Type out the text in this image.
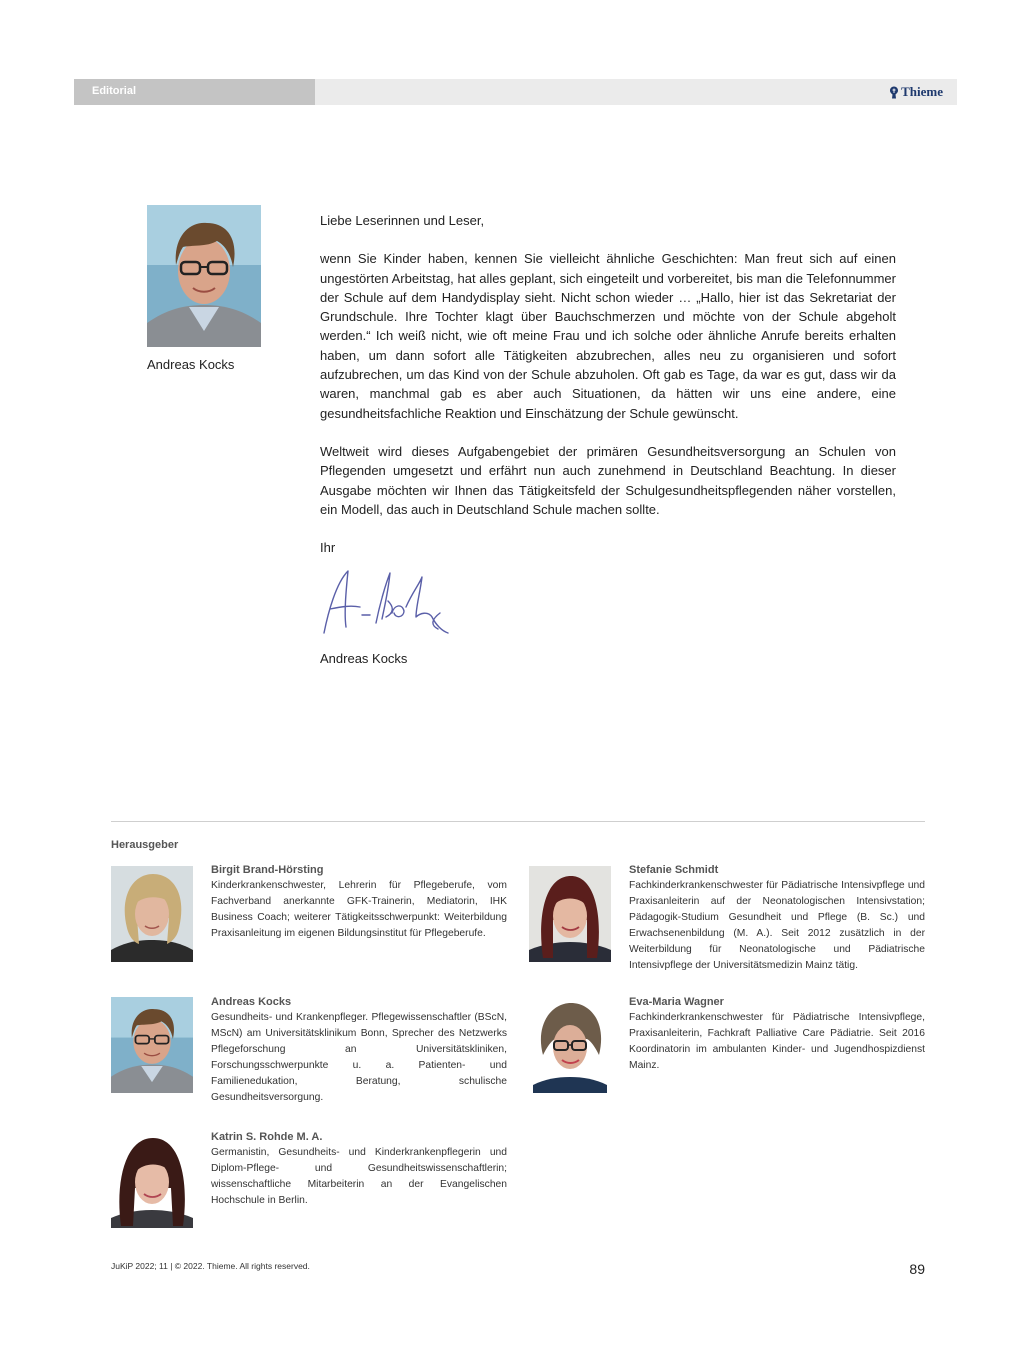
Editorial	Thieme
Andreas Kocks

Liebe Leserinnen und Leser,

wenn Sie Kinder haben, kennen Sie vielleicht ähnliche Geschichten: Man freut sich auf einen ungestörten Arbeitstag, hat alles geplant, sich eingeteilt und vorbereitet, bis man die Telefonnummer der Schule auf dem Handydisplay sieht. Nicht schon wieder … „Hallo, hier ist das Sekretariat der Grundschule. Ihre Tochter klagt über Bauchschmerzen und möchte von der Schule abgeholt werden.“ Ich weiß nicht, wie oft meine Frau und ich solche oder ähnliche Anrufe bereits erhalten haben, um dann sofort alle Tätigkeiten abzubrechen, alles neu zu organisieren und sofort aufzubrechen, um das Kind von der Schule abzuholen. Oft gab es Tage, da war es gut, dass wir da waren, manchmal gab es aber auch Situationen, da hätten wir uns eine andere, eine gesundheitsfachliche Reaktion und Einschätzung der Schule gewünscht.

Weltweit wird dieses Aufgabengebiet der primären Gesundheitsversorgung an Schulen von Pflegenden umgesetzt und erfährt nun auch zunehmend in Deutschland Beachtung. In dieser Ausgabe möchten wir Ihnen das Tätigkeitsfeld der Schulgesundheitspflegenden näher vorstellen, ein Modell, das auch in Deutschland Schule machen sollte.

Ihr

Andreas Kocks

Herausgeber
Birgit Brand-Hörsting
Kinderkrankenschwester, Lehrerin für Pflegeberufe, vom Fachverband anerkannte GFK-Trainerin, Mediatorin, IHK Business Coach; weiterer Tätigkeitsschwerpunkt: Weiterbildung Praxisanleitung im eigenen Bildungsinstitut für Pflegeberufe.
Stefanie Schmidt
Fachkinderkrankenschwester für Pädiatrische Intensivpflege und Praxisanleiterin auf der Neonatologischen Intensivstation; Pädagogik-Studium Gesundheit und Pflege (B. Sc.) und Erwachsenenbildung (M. A.). Seit 2012 zusätzlich in der Weiterbildung für Neonatologische und Pädiatrische Intensivpflege der Universitätsmedizin Mainz tätig.
Andreas Kocks
Gesundheits- und Krankenpfleger. Pflegewissenschaftler (BScN, MScN) am Universitätsklinikum Bonn, Sprecher des Netzwerks Pflegeforschung an Universitätskliniken, Forschungsschwerpunkte u. a. Patienten- und Familienedukation, Beratung, schulische Gesundheitsversorgung.
Eva-Maria Wagner
Fachkinderkrankenschwester für Pädiatrische Intensivpflege, Praxisanleiterin, Fachkraft Palliative Care Pädiatrie. Seit 2016 Koordinatorin im ambulanten Kinder- und Jugendhospizdienst Mainz.
Katrin S. Rohde M. A.
Germanistin, Gesundheits- und Kinderkrankenpflegerin und Diplom-Pflege- und Gesundheitswissenschaftlerin; wissenschaftliche Mitarbeiterin an der Evangelischen Hochschule in Berlin.
JuKiP 2022; 11 | © 2022. Thieme. All rights reserved.	89
